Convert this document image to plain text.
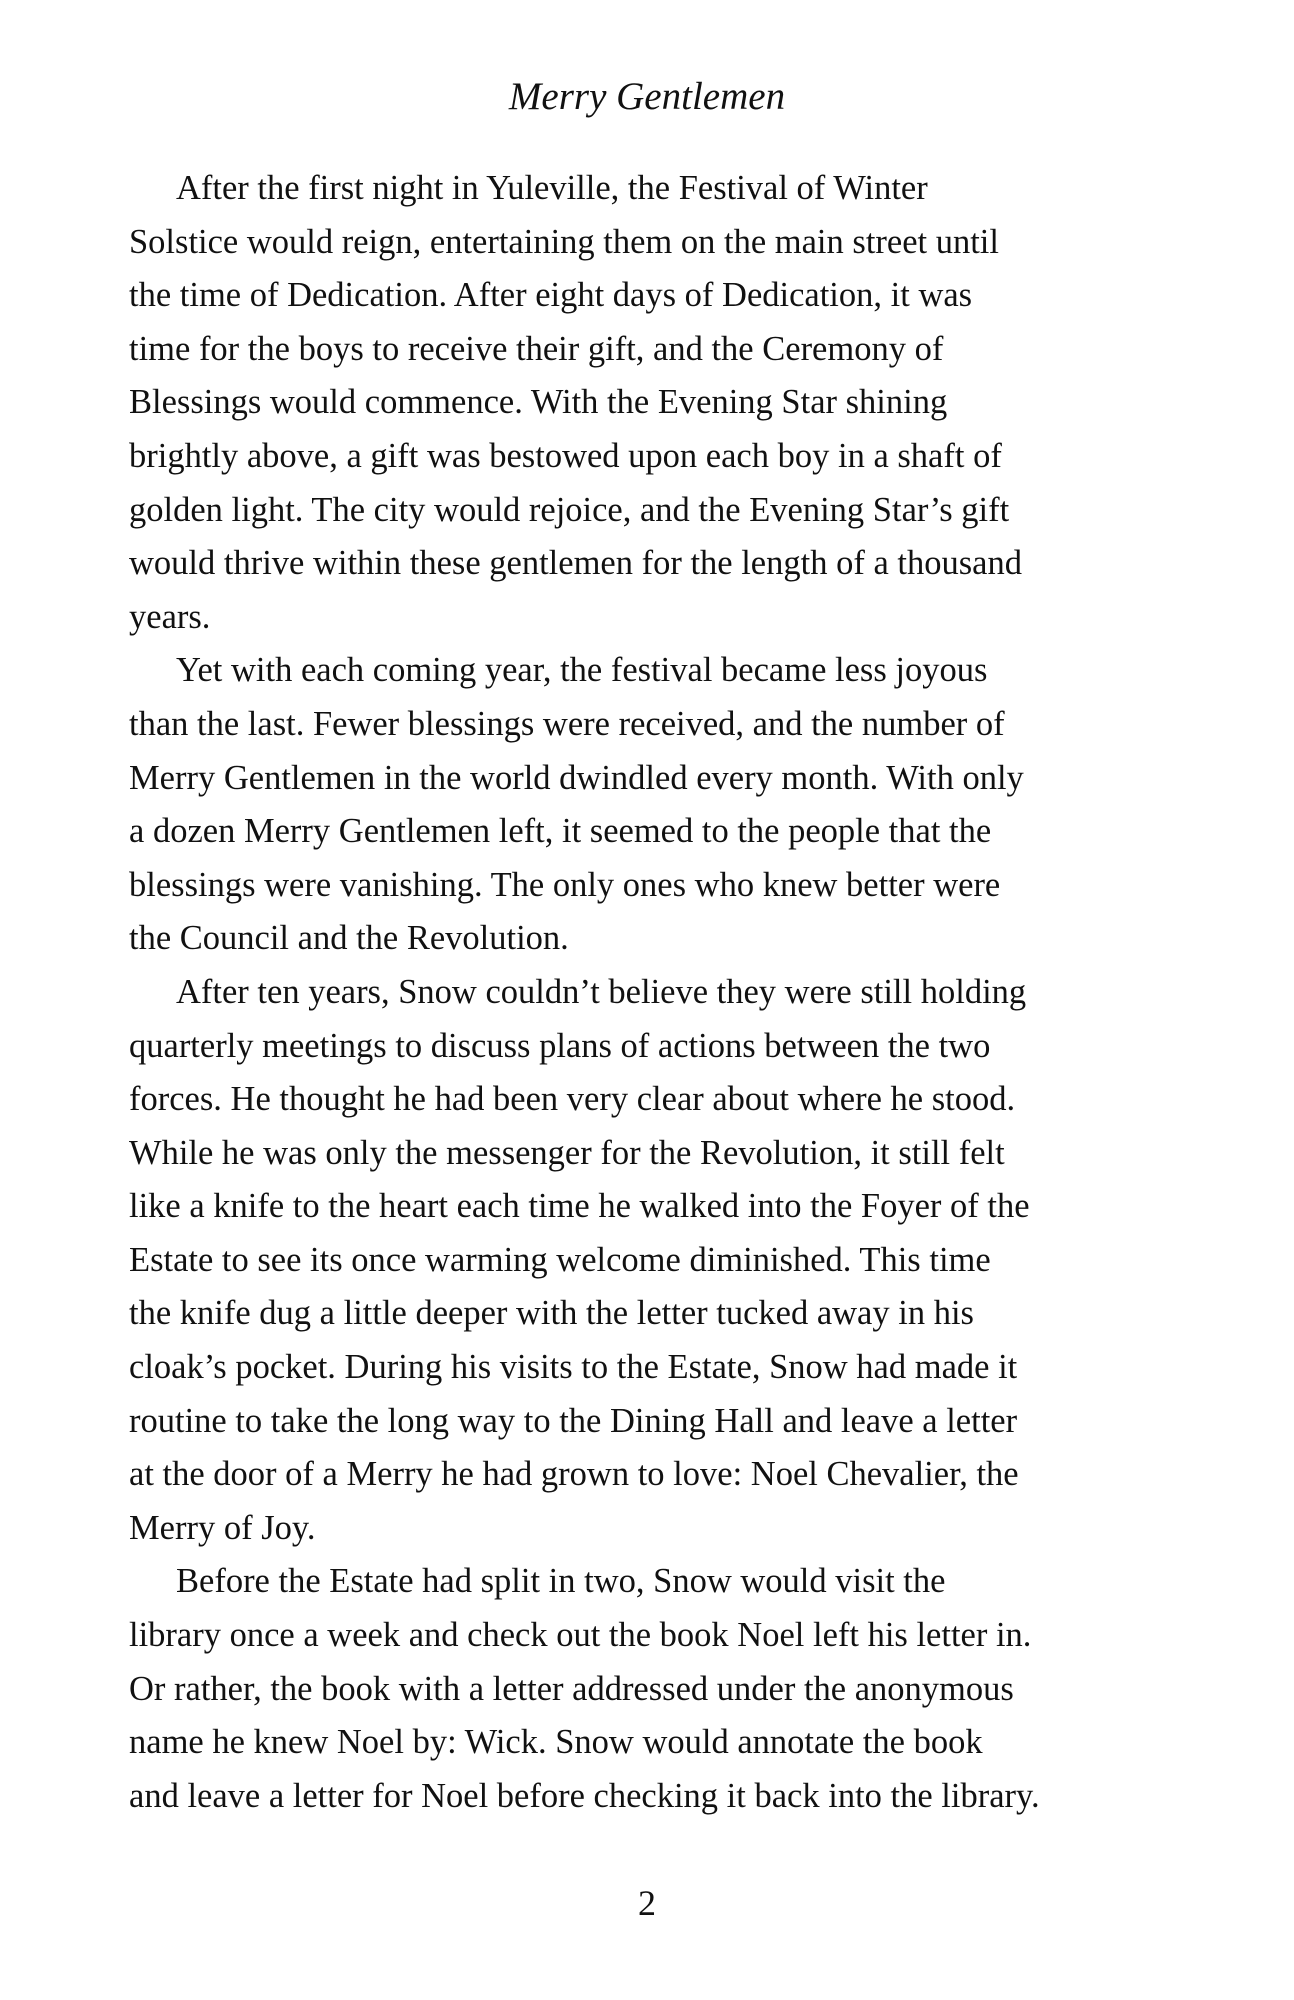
Merry Gentlemen
After the first night in Yuleville, the Festival of Winter
Solstice would reign, entertaining them on the main street until
the time of Dedication. After eight days of Dedication, it was
time for the boys to receive their gift, and the Ceremony of
Blessings would commence. With the Evening Star shining
brightly above, a gift was bestowed upon each boy in a shaft of
golden light. The city would rejoice, and the Evening Star’s gift
would thrive within these gentlemen for the length of a thousand
years.
Yet with each coming year, the festival became less joyous
than the last. Fewer blessings were received, and the number of
Merry Gentlemen in the world dwindled every month. With only
a dozen Merry Gentlemen left, it seemed to the people that the
blessings were vanishing. The only ones who knew better were
the Council and the Revolution.
After ten years, Snow couldn’t believe they were still holding
quarterly meetings to discuss plans of actions between the two
forces. He thought he had been very clear about where he stood.
While he was only the messenger for the Revolution, it still felt
like a knife to the heart each time he walked into the Foyer of the
Estate to see its once warming welcome diminished. This time
the knife dug a little deeper with the letter tucked away in his
cloak’s pocket. During his visits to the Estate, Snow had made it
routine to take the long way to the Dining Hall and leave a letter
at the door of a Merry he had grown to love: Noel Chevalier, the
Merry of Joy.
Before the Estate had split in two, Snow would visit the
library once a week and check out the book Noel left his letter in.
Or rather, the book with a letter addressed under the anonymous
name he knew Noel by: Wick. Snow would annotate the book
and leave a letter for Noel before checking it back into the library.
2
